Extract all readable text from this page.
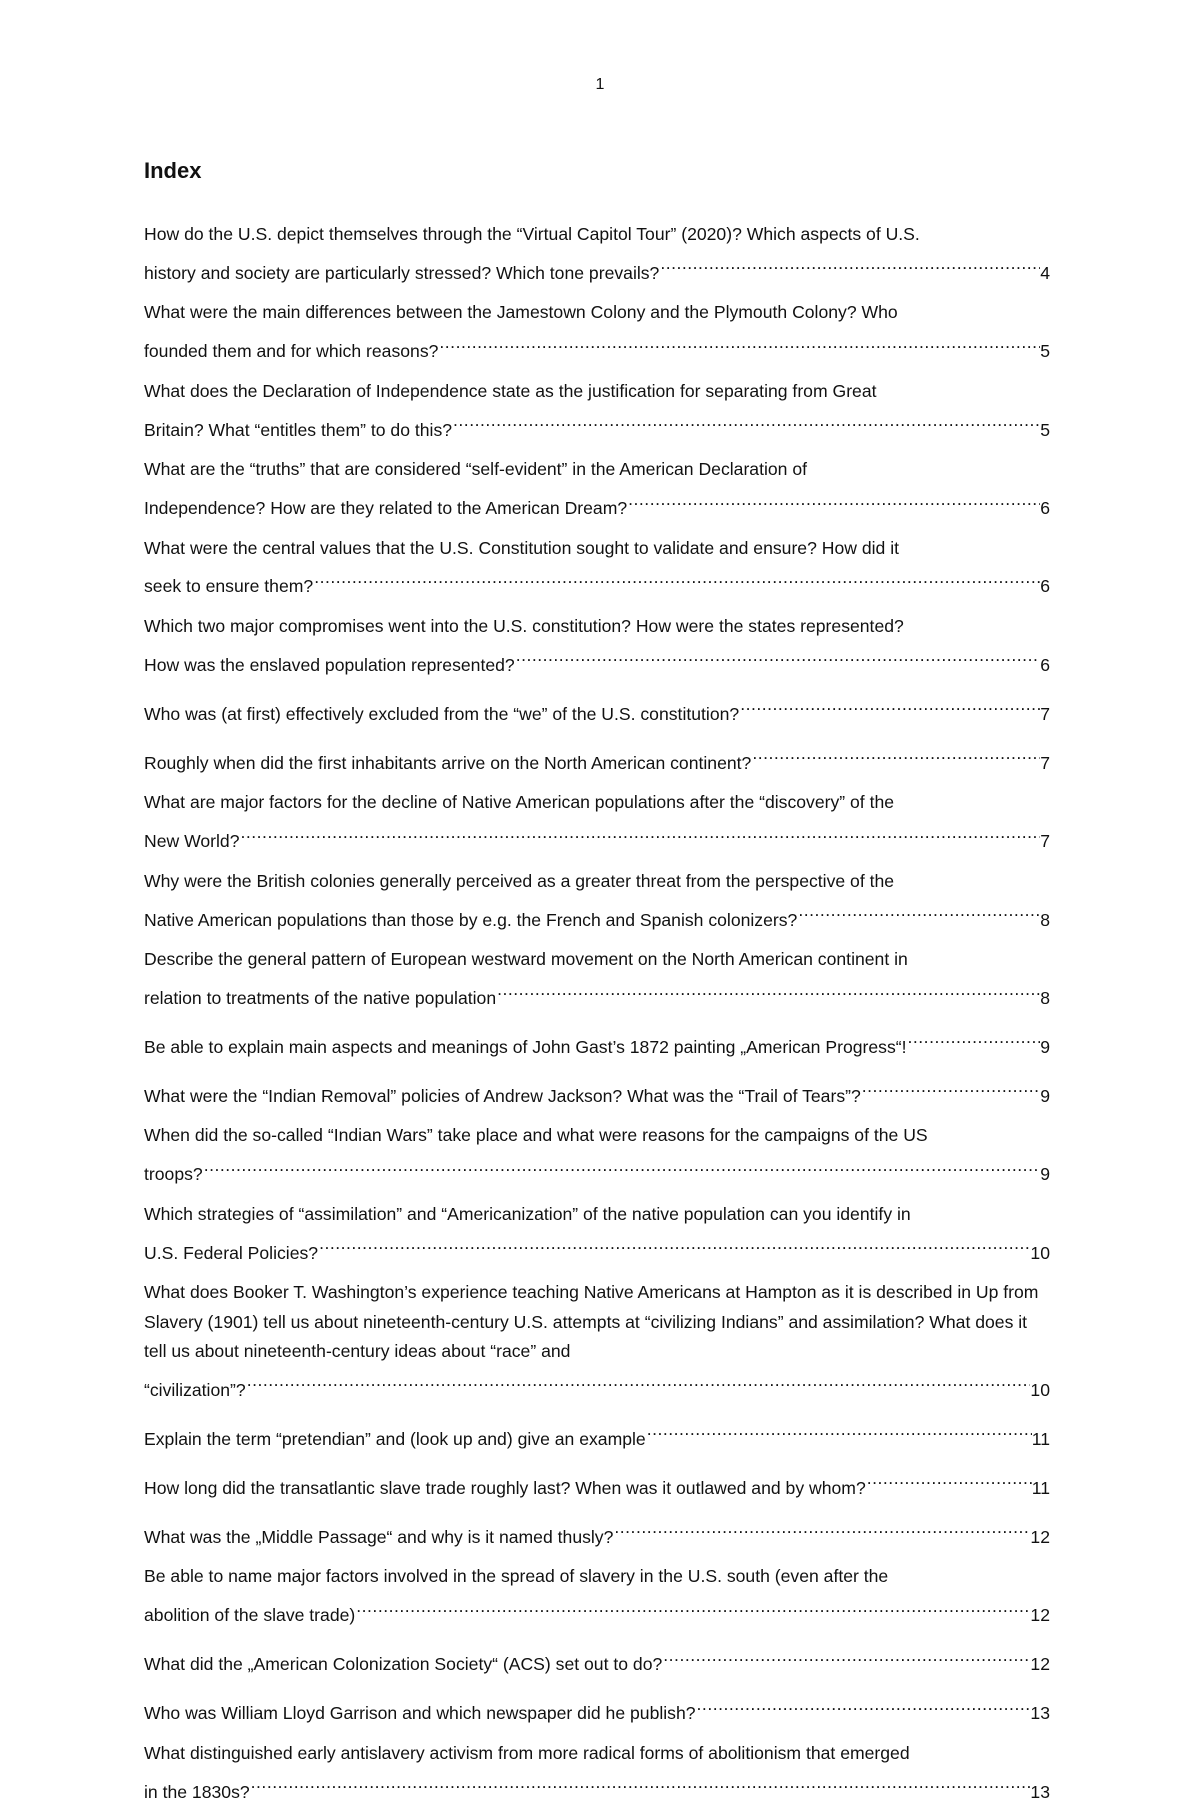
1
Index
How do the U.S. depict themselves through the “Virtual Capitol Tour” (2020)? Which aspects of U.S.
history and society are particularly stressed? Which tone prevails? .....	4
What were the main differences between the Jamestown Colony and the Plymouth Colony? Who
founded them and for which reasons? .....	5
What does the Declaration of Independence state as the justification for separating from Great
Britain? What “entitles them” to do this? .....	5
What are the “truths” that are considered “self-evident” in the American Declaration of
Independence? How are they related to the American Dream? .....	6
What were the central values that the U.S. Constitution sought to validate and ensure? How did it
seek to ensure them? .....	6
Which two major compromises went into the U.S. constitution? How were the states represented?
How was the enslaved population represented? .....	6
Who was (at first) effectively excluded from the “we” of the U.S. constitution? .....	7
Roughly when did the first inhabitants arrive on the North American continent? .....	7
What are major factors for the decline of Native American populations after the “discovery” of the
New World? .....	7
Why were the British colonies generally perceived as a greater threat from the perspective of the
Native American populations than those by e.g. the French and Spanish colonizers? .....	8
Describe the general pattern of European westward movement on the North American continent in
relation to treatments of the native population .....	8
Be able to explain main aspects and meanings of John Gast’s 1872 painting „American Progress“! .....	9
What were the “Indian Removal” policies of Andrew Jackson? What was the “Trail of Tears”? .....	9
When did the so-called “Indian Wars” take place and what were reasons for the campaigns of the US
troops? .....	9
Which strategies of “assimilation” and “Americanization” of the native population can you identify in
U.S. Federal Policies? .....	10
What does Booker T. Washington’s experience teaching Native Americans at Hampton as it is described in Up from Slavery (1901) tell us about nineteenth-century U.S. attempts at “civilizing Indians” and assimilation? What does it tell us about nineteenth-century ideas about “race” and
“civilization”? .....	10
Explain the term “pretendian” and (look up and) give an example .....	11
How long did the transatlantic slave trade roughly last? When was it outlawed and by whom? .....	11
What was the „Middle Passage“ and why is it named thusly? .....	12
Be able to name major factors involved in the spread of slavery in the U.S. south (even after the
abolition of the slave trade) .....	12
What did the „American Colonization Society“ (ACS) set out to do? .....	12
Who was William Lloyd Garrison and which newspaper did he publish? .....	13
What distinguished early antislavery activism from more radical forms of abolitionism that emerged
in the 1830s? .....	13
